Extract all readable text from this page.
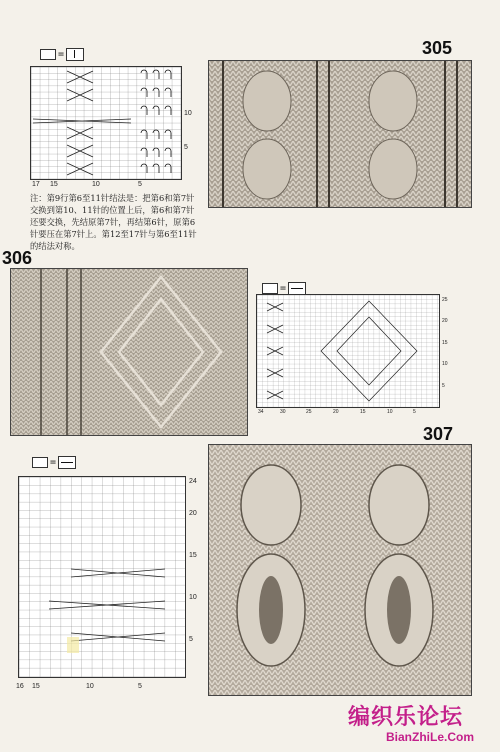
=	305
10
5
17 15	10	5
注：第9行第6至11针结法是：把第6和第7针交换到第10、11针的位置上后，第6和第7针还要交换，先结原第7针，再结第6针，原第6针要压在第7针上。第12至17针与第6至11针的结法对称。
306
=
25
20
15
10
5
34	30	25	20	15	10	5
307
=
24
20
15
10
5
16 15	10	5
编织乐论坛
BianZhiLe.Com
